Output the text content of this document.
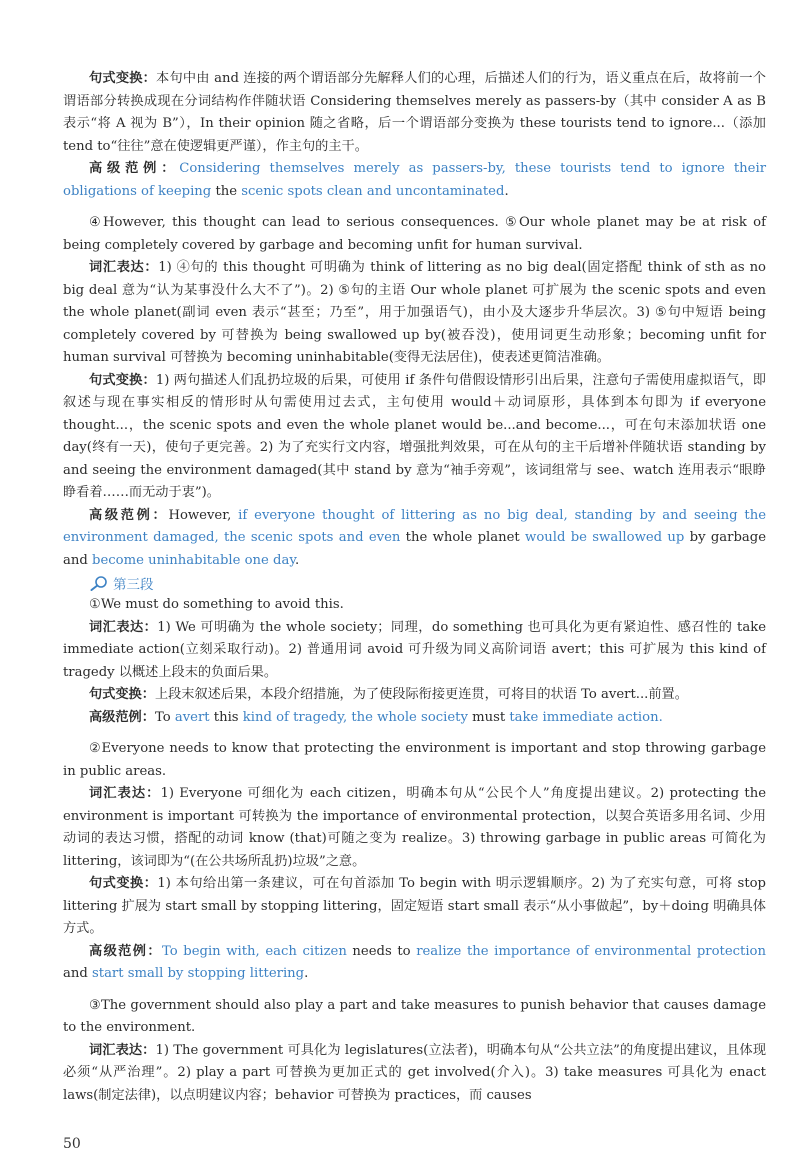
句式变换：本句中由 and 连接的两个谓语部分先解释人们的心理，后描述人们的行为，语义重点在后，故将前一个谓语部分转换成现在分词结构作伴随状语 Considering themselves merely as passers-by（其中 consider A as B 表示“将 A 视为 B”），In their opinion 随之省略，后一个谓语部分变换为 these tourists tend to ignore...（添加 tend to“往往”意在使逻辑更严谨），作主句的主干。

高级范例：Considering themselves merely as passers-by, these tourists tend to ignore their obligations of keeping the scenic spots clean and uncontaminated.

④However, this thought can lead to serious consequences. ⑤Our whole planet may be at risk of being completely covered by garbage and becoming unfit for human survival.

词汇表达：1) ④句的 this thought 可明确为 think of littering as no big deal(固定搭配 think of sth as no big deal 意为“认为某事没什么大不了”)。2) ⑤句的主语 Our whole planet 可扩展为 the scenic spots and even the whole planet(副词 even 表示“甚至；乃至”，用于加强语气)，由小及大逐步升华层次。3) ⑤句中短语 being completely covered by 可替换为 being swallowed up by(被吞没)，使用词更生动形象；becoming unfit for human survival 可替换为 becoming uninhabitable(变得无法居住)，使表述更简洁准确。

句式变换：1) 两句描述人们乱扔垃圾的后果，可使用 if 条件句借假设情形引出后果，注意句子需使用虚拟语气，即叙述与现在事实相反的情形时从句需使用过去式，主句使用 would＋动词原形，具体到本句即为 if everyone thought...，the scenic spots and even the whole planet would be...and become...，可在句末添加状语 one day(终有一天)，使句子更完善。2) 为了充实行文内容，增强批判效果，可在从句的主干后增补伴随状语 standing by and seeing the environment damaged(其中 stand by 意为“袖手旁观”，该词组常与 see、watch 连用表示“眼睁睁看着……而无动于衷”)。

高级范例：However, if everyone thought of littering as no big deal, standing by and seeing the environment damaged, the scenic spots and even the whole planet would be swallowed up by garbage and become uninhabitable one day.

第三段

①We must do something to avoid this.

词汇表达：1) We 可明确为 the whole society；同理，do something 也可具化为更有紧迫性、感召性的 take immediate action(立刻采取行动)。2) 普通用词 avoid 可升级为同义高阶词语 avert；this 可扩展为 this kind of tragedy 以概述上段末的负面后果。

句式变换：上段末叙述后果，本段介绍措施，为了使段际衔接更连贯，可将目的状语 To avert...前置。

高级范例：To avert this kind of tragedy, the whole society must take immediate action.

②Everyone needs to know that protecting the environment is important and stop throwing garbage in public areas.

词汇表达：1) Everyone 可细化为 each citizen，明确本句从“公民个人”角度提出建议。2) protecting the environment is important 可转换为 the importance of environmental protection，以契合英语多用名词、少用动词的表达习惯，搭配的动词 know (that)可随之变为 realize。3) throwing garbage in public areas 可简化为 littering，该词即为“(在公共场所乱扔)垃圾”之意。

句式变换：1) 本句给出第一条建议，可在句首添加 To begin with 明示逻辑顺序。2) 为了充实句意，可将 stop littering 扩展为 start small by stopping littering，固定短语 start small 表示“从小事做起”，by＋doing 明确具体方式。

高级范例：To begin with, each citizen needs to realize the importance of environmental protection and start small by stopping littering.

③The government should also play a part and take measures to punish behavior that causes damage to the environment.

词汇表达：1) The government 可具化为 legislatures(立法者)，明确本句从“公共立法”的角度提出建议，且体现必须“从严治理”。2) play a part 可替换为更加正式的 get involved(介入)。3) take measures 可具化为 enact laws(制定法律)，以点明建议内容；behavior 可替换为 practices，而 causes

50
